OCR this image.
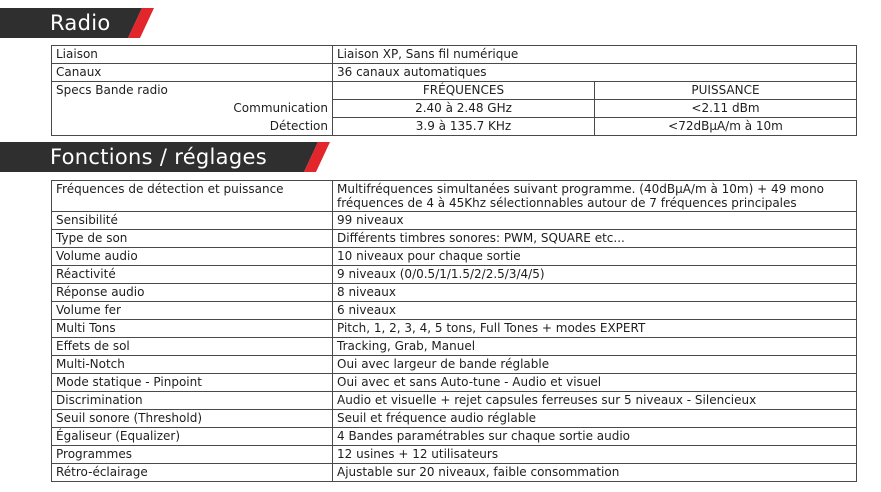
Radio
Liaison	Liaison XP, Sans fil numérique	
Canaux	36 canaux automatiques	
Specs Bande radio	FRÉQUENCES	PUISSANCE
Communication	2.40 à 2.48 GHz	<2.11 dBm
Détection	3.9 à 135.7 KHz	<72dBµA/m à 10m
Fonctions / réglages
Fréquences de détection et puissance	Multifréquences simultanées suivant programme. (40dBµA/m à 10m) + 49 mono fréquences de 4 à 45Khz sélectionnables autour de 7 fréquences principales
Sensibilité	99 niveaux
Type de son	Différents timbres sonores: PWM, SQUARE etc...
Volume audio	10 niveaux pour chaque sortie
Réactivité	9 niveaux (0/0.5/1/1.5/2/2.5/3/4/5)
Réponse audio	8 niveaux
Volume fer	6 niveaux
Multi Tons	Pitch, 1, 2, 3, 4, 5 tons, Full Tones + modes EXPERT
Effets de sol	Tracking, Grab, Manuel
Multi-Notch	Oui avec largeur de bande réglable
Mode statique - Pinpoint	Oui avec et sans Auto-tune - Audio et visuel
Discrimination	Audio et visuelle + rejet capsules ferreuses sur 5 niveaux - Silencieux
Seuil sonore (Threshold)	Seuil et fréquence audio réglable
Égaliseur (Equalizer)	4 Bandes paramétrables sur chaque sortie audio
Programmes	12 usines + 12 utilisateurs
Rétro-éclairage	Ajustable sur 20 niveaux, faible consommation
